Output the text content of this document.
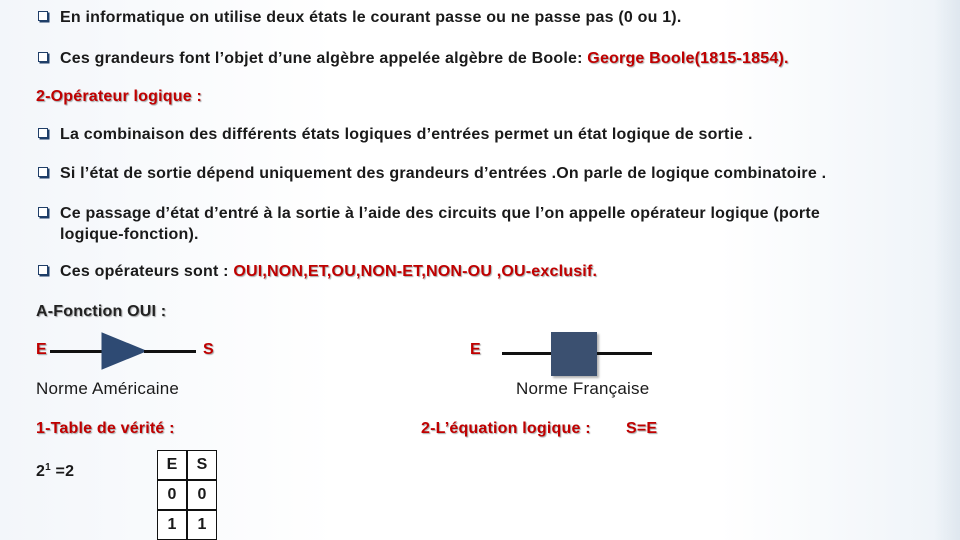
En informatique on utilise deux états le courant passe ou ne passe pas (0 ou 1).
Ces grandeurs font l’objet d’une algèbre appelée algèbre de Boole: George Boole(1815-1854).
2-Opérateur logique :
La combinaison des différents états logiques d’entrées permet un état logique de sortie .
Si l’état de sortie dépend uniquement des grandeurs d’entrées .On parle de logique combinatoire .
Ce passage d’état d’entré à la sortie à l’aide des circuits que l’on appelle opérateur logique (porte
logique-fonction).
Ces opérateurs sont : OUI,NON,ET,OU,NON-ET,NON-OU ,OU-exclusif.
A-Fonction OUI :
E	S
Norme Américaine
E
Norme Française
1-Table de vérité :
$2^1 =2$	E	S
0	0
1	1
2-L’équation logique : S=E
